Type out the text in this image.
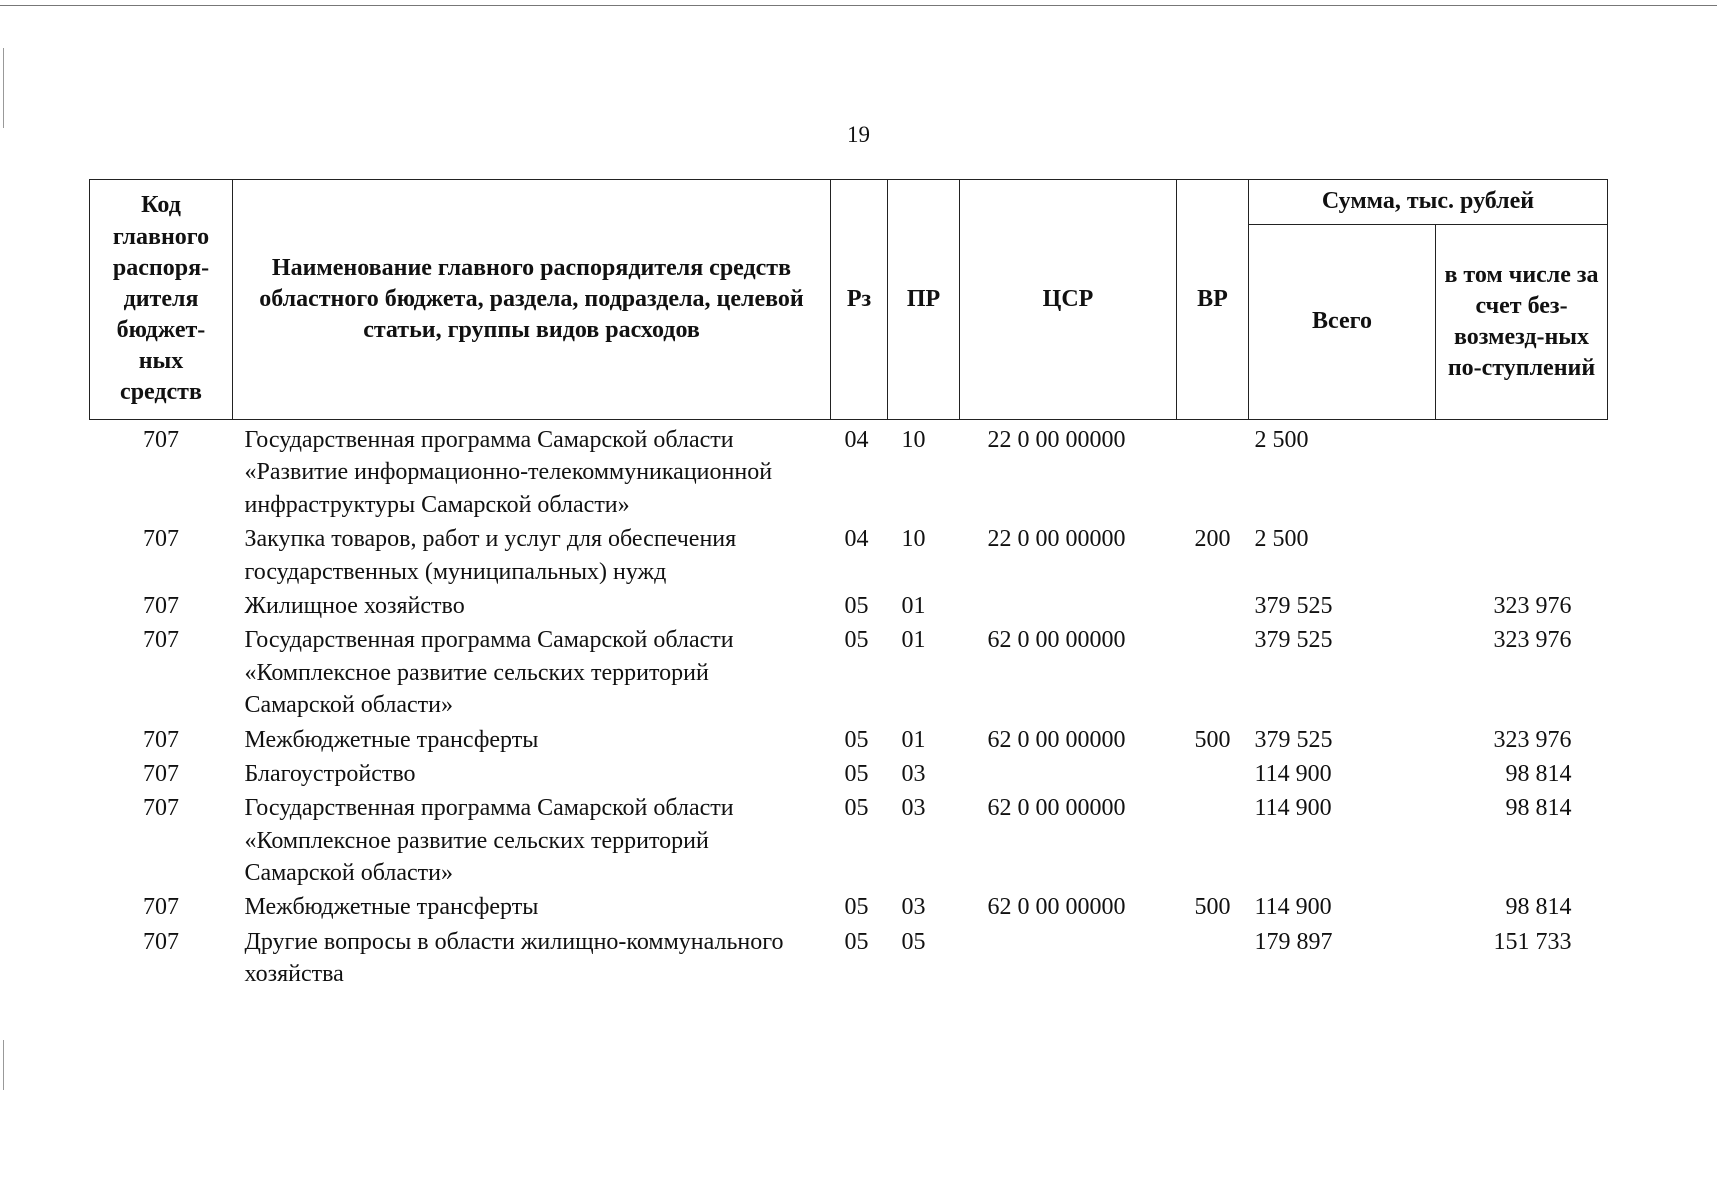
19
Код главного распоря-дителя бюджет-ных средств	Наименование главного распорядителя средств областного бюджета, раздела, подраздела, целевой статьи, группы видов расходов	Рз	ПР	ЦСР	ВР	Сумма, тыс. рублей	
						Всего	в том числе за счет без-возмезд-ных по-ступлений
707	Государственная программа Самарской области «Развитие информационно-телекоммуникационной инфраструктуры Самарской области»	04	10	22 0 00 00000		2 500	
707	Закупка товаров, работ и услуг для обеспечения государственных (муниципальных) нужд	04	10	22 0 00 00000	200	2 500	
707	Жилищное хозяйство	05	01			379 525	323 976
707	Государственная программа Самарской области «Комплексное развитие сельских территорий Самарской области»	05	01	62 0 00 00000		379 525	323 976
707	Межбюджетные трансферты	05	01	62 0 00 00000	500	379 525	323 976
707	Благоустройство	05	03			114 900	98 814
707	Государственная программа Самарской области «Комплексное развитие сельских территорий Самарской области»	05	03	62 0 00 00000		114 900	98 814
707	Межбюджетные трансферты	05	03	62 0 00 00000	500	114 900	98 814
707	Другие вопросы в области жилищно-коммунального хозяйства	05	05			179 897	151 733
